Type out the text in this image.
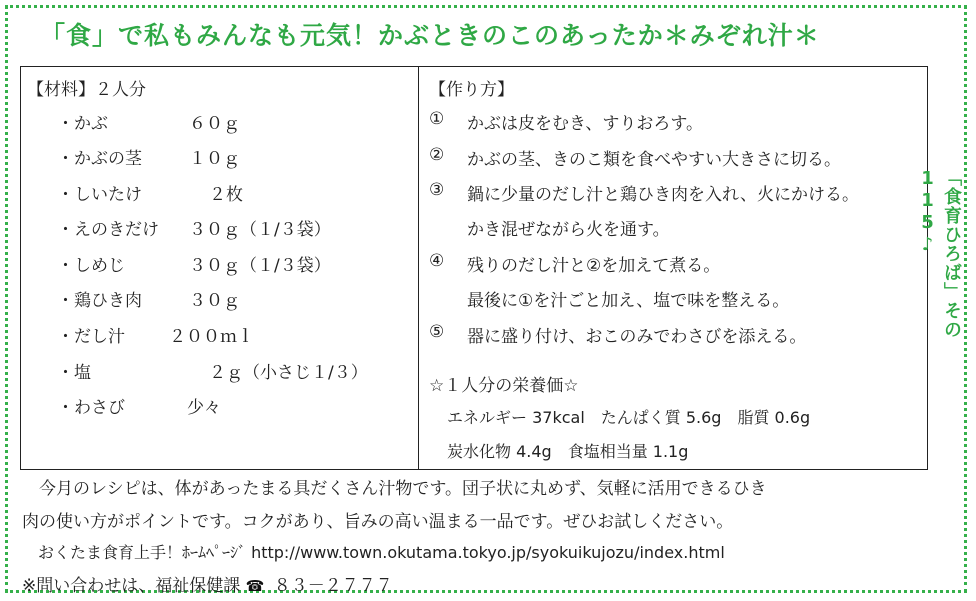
「食」で私もみんなも元気！かぶときのこのあったか＊みぞれ汁＊
【材料】２人分
・かぶ	６０ｇ
・かぶの茎	１０ｇ
・しいたけ	２枚
・えのきだけ ３０ｇ（１/３袋）
・しめじ	３０ｇ（１/３袋）
・鶏ひき肉	３０ｇ
・だし汁	２００ｍｌ
・塩	２ｇ（小さじ１/３）
・わさび	少々
【作り方】
① かぶは皮をむき、すりおろす。
② かぶの茎、きのこ類を食べやすい大きさに切る。
③ 鍋に少量のだし汁と鶏ひき肉を入れ、火にかける。
かき混ぜながら火を通す。
④ 残りのだし汁と②を加えて煮る。
最後に①を汁ごと加え、塩で味を整える。
⑤ 器に盛り付け、おこのみでわさびを添える。
☆１人分の栄養価☆
エネルギー 37kcal　たんぱく質 5.6g　脂質 0.6g
炭水化物 4.4g　食塩相当量 1.1g
　今月のレシピは、体があったまる具だくさん汁物です。団子状に丸めず、気軽に活用できるひき
肉の使い方がポイントです。コクがあり、旨みの高い温まる一品です。ぜひお試しください。
　おくたま食育上手！ﾎｰﾑﾍﾟｰｼﾞ http://www.town.okutama.tokyo.jp/syokuikujozu/index.html
※問い合わせは、福祉保健課 ☎ ８３－２７７７
「食育ひろば」その115♪
